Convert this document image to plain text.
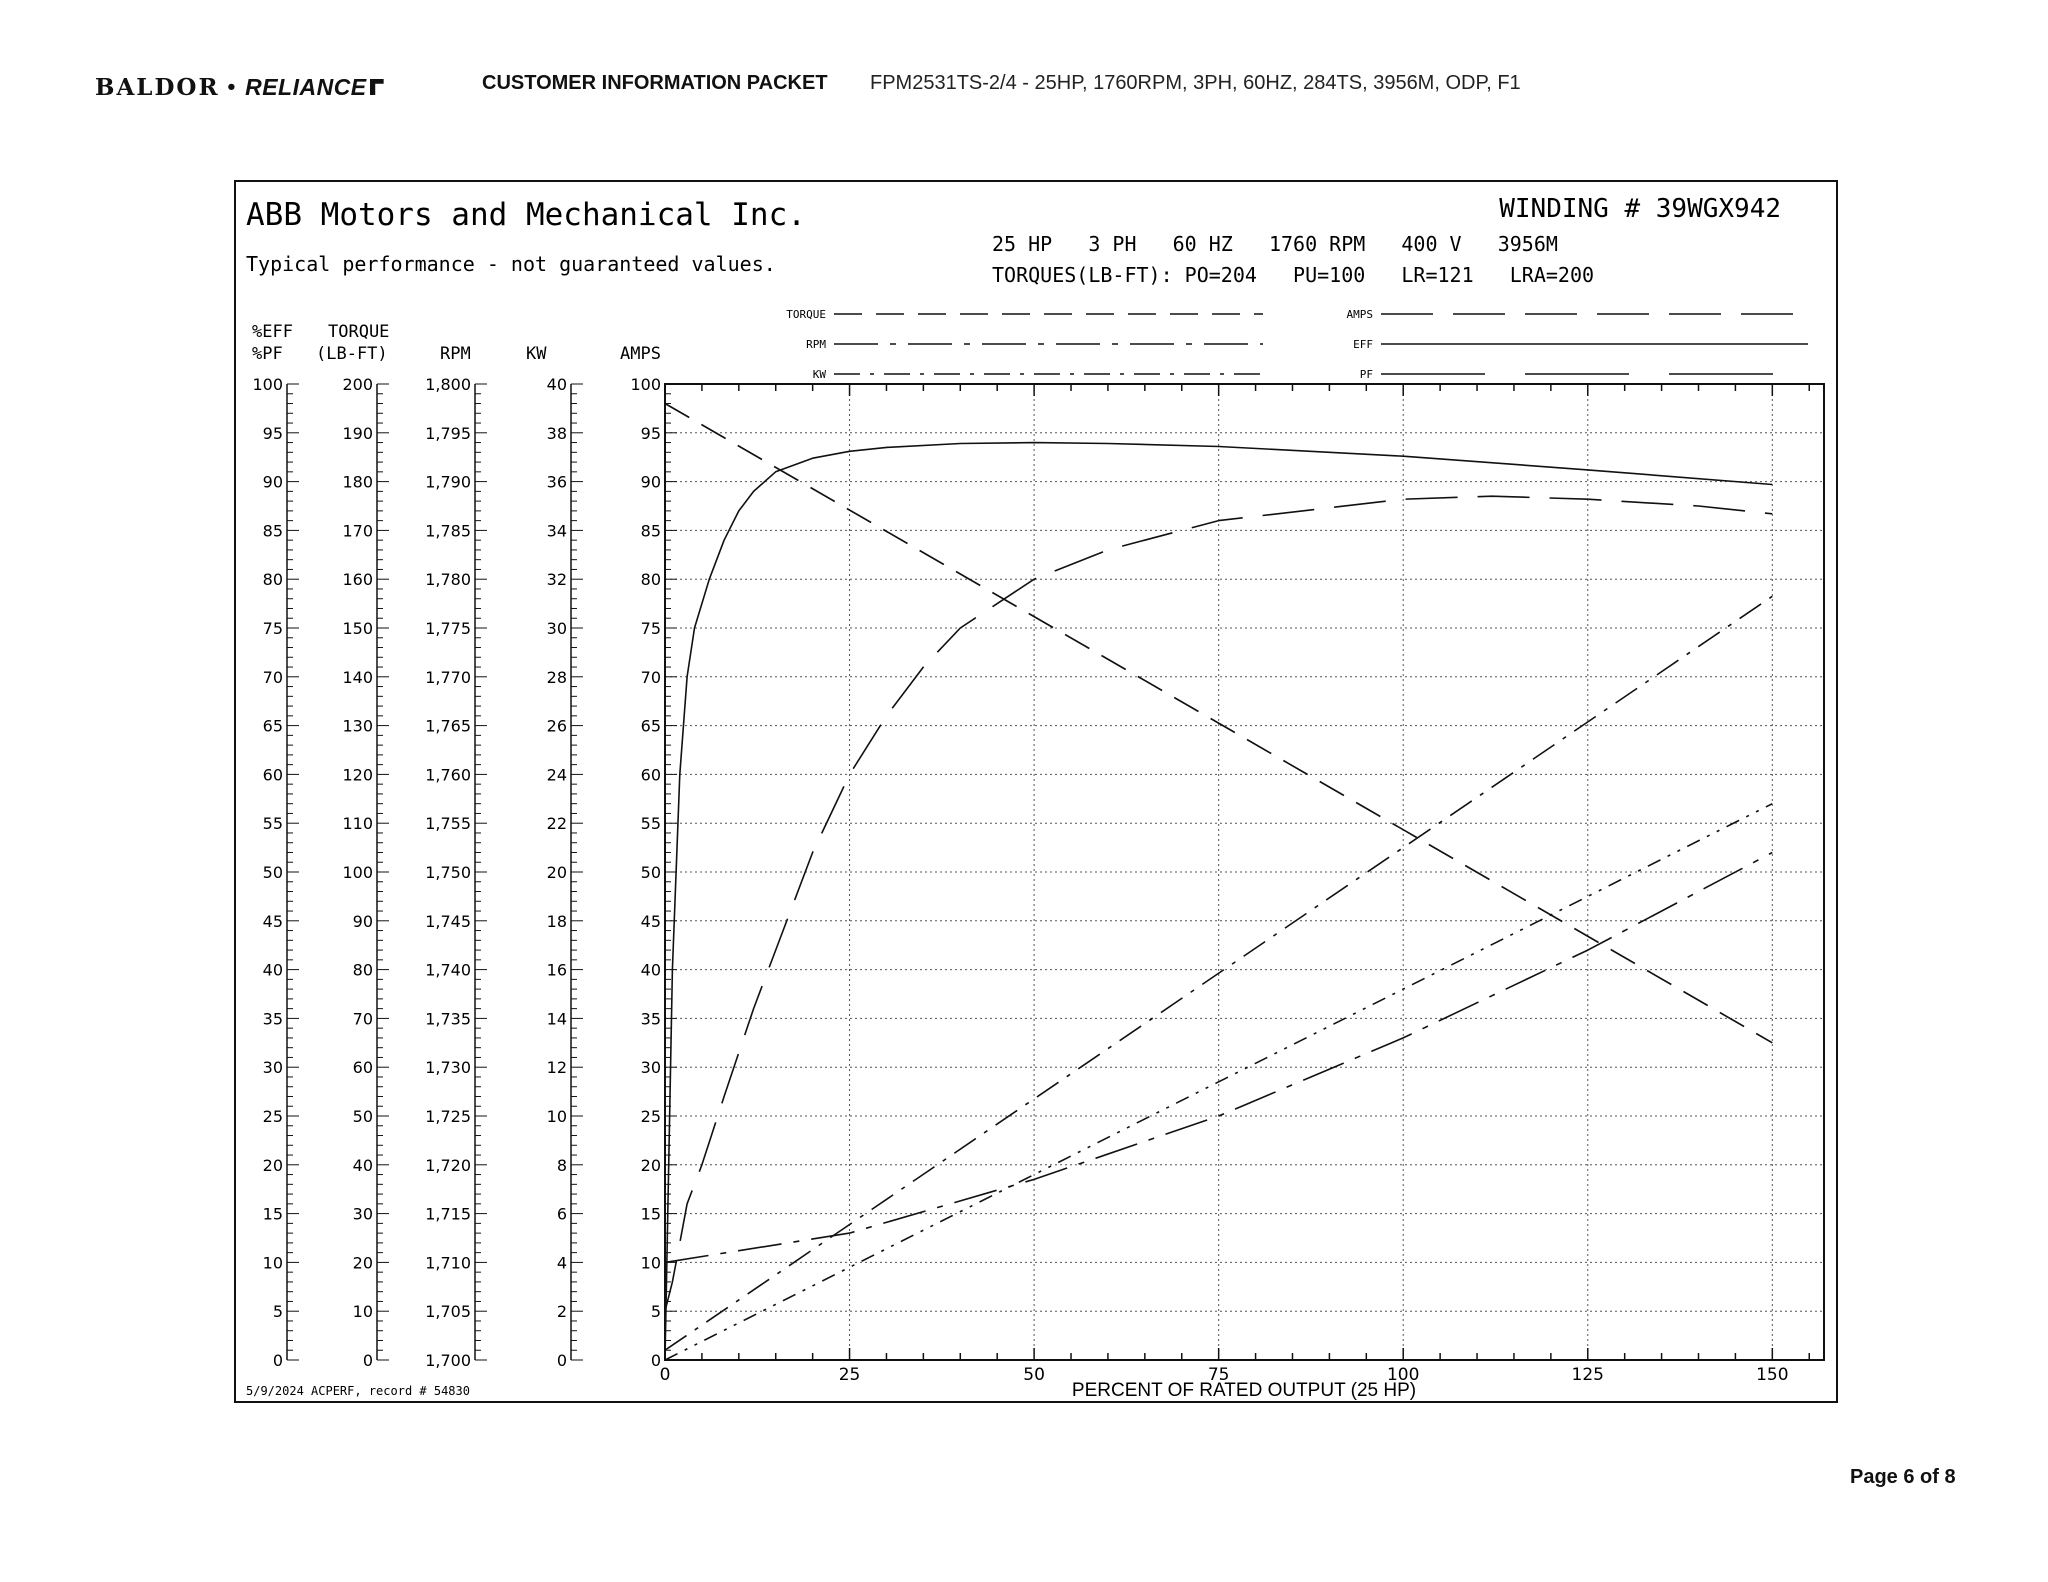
BALDOR • RELIANCE	CUSTOMER INFORMATION PACKET FPM2531TS-2/4 - 25HP, 1760RPM, 3PH, 60HZ, 284TS, 3956M, ODP, F1
ABB Motors and Mechanical Inc.
Typical performance - not guaranteed values.
WINDING # 39WGX942
25 HP   3 PH   60 HZ   1760 RPM   400 V   3956M
TORQUES(LB-FT): PO=204   PU=100   LR=121   LRA=200
%EFF
%PF
TORQUE
(LB-FT)	RPM	KW	AMPS
TORQUE
RPM
KW
AMPS
EFF
PF
0	25	50	75	100	125	150
0
5
10
15
20
25
30
35
40
45
50
55
60
65
70
75
80
85
90
95
100
0
10
20
30
40
50
60
70
80
90
100
110
120
130
140
150
160
170
180
190
200
1,700
1,705
1,710
1,715
1,720
1,725
1,730
1,735
1,740
1,745
1,750
1,755
1,760
1,765
1,770
1,775
1,780
1,785
1,790
1,795
1,800
0
2
4
6
8
10
12
14
16
18
20
22
24
26
28
30
32
34
36
38
40
0
5
10
15
20
25
30
35
40
45
50
55
60
65
70
75
80
85
90
95
100
PERCENT OF RATED OUTPUT (25 HP)
5/9/2024 ACPERF, record # 54830
Page 6 of 8
